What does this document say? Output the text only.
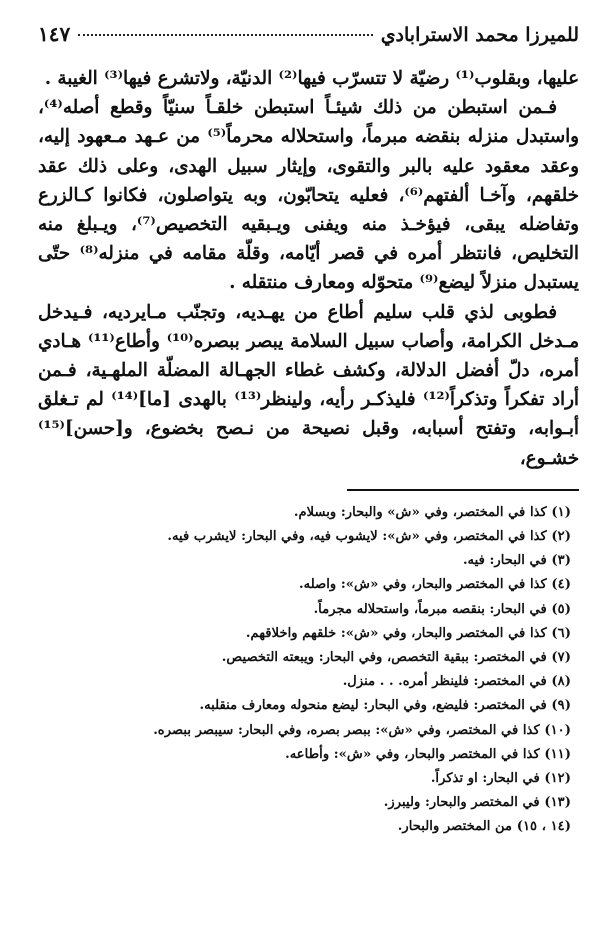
للميرزا محمد الاسترابادي
١٤٧

عليها، وبقلوب⁽¹⁾ رضيّة لا تتسرّب فيها⁽²⁾ الدنيّة، ولاتشرع فيها⁽³⁾ الغيبة .

فـمن استبطن من ذلك شيئـاً استبطن خلقـاً سنيّاً وقطع أصله⁽⁴⁾، واستبدل منزله بنقضه مبرماً، واستحلاله محرماً⁽⁵⁾ من عـهد مـعهود إليه، وعقد معقود عليه بالبر والتقوى، وإيثار سبيل الهدى، وعلى ذلك عقد خلقهم، وآخـا ألفتهم⁽⁶⁾، فعليه يتحابّون، وبه يتواصلون، فكانوا كـالزرع وتفاضله يبقى، فيؤخـذ منه ويفنى ويـبقيه التخصيص⁽⁷⁾، ويـبلغ منه التخليص، فانتظر أمره في قصر أيّامه، وقلّة مقامه في منزله⁽⁸⁾ حتّى يستبدل منزلاً ليضع⁽⁹⁾ متحوّله ومعارف منتقله .

فطوبى لذي قلب سليم أطاع من يهـديه، وتجنّب مـايرديه، فـيدخل مـدخل الكرامة، وأصاب سبيل السلامة يبصر ببصره⁽¹⁰⁾ وأطاع⁽¹¹⁾ هـادي أمره، دلّ أفضل الدلالة، وكشف غطاء الجهـالة المضلّة الملهـية، فـمن أراد تفكراً وتذكراً⁽¹²⁾ فليذكـر رأيه، ولينظر⁽¹³⁾ بالهدى [ما]⁽¹⁴⁾ لم تـغلق أبـوابه، وتفتح أسبابه، وقبل نصيحة من نـصح بخضوع، و[حسن]⁽¹⁵⁾ خشـوع،

(١) كذا في المختصر، وفي «ش» والبحار: وبسلام.
(٢) كذا في المختصر، وفي «ش»: لايشوب فيه، وفي البحار: لايشرب فيه.
(٣) في البحار: فيه.
(٤) كذا في المختصر والبحار، وفي «ش»: واصله.
(٥) في البحار: بنقصه مبرماً، واستحلاله مجرماً.
(٦) كذا في المختصر والبحار، وفي «ش»: خلقهم واخلاقهم.
(٧) في المختصر: ببقية التخصص، وفي البحار: ويبعته التخصيص.
(٨) في المختصر: فلينظر أمره. . . منزل.
(٩) في المختصر: فليضع، وفي البحار: ليضع منحوله ومعارف منقلبه.
(١٠) كذا في المختصر، وفي «ش»: ببصر بصره، وفي البحار: سيبصر ببصره.
(١١) كذا في المختصر والبحار، وفي «ش»: وأطاعه.
(١٢) في البحار: او تذكراً.
(١٣) في المختصر والبحار: وليبرز.
(١٤ ، ١٥) من المختصر والبحار.
